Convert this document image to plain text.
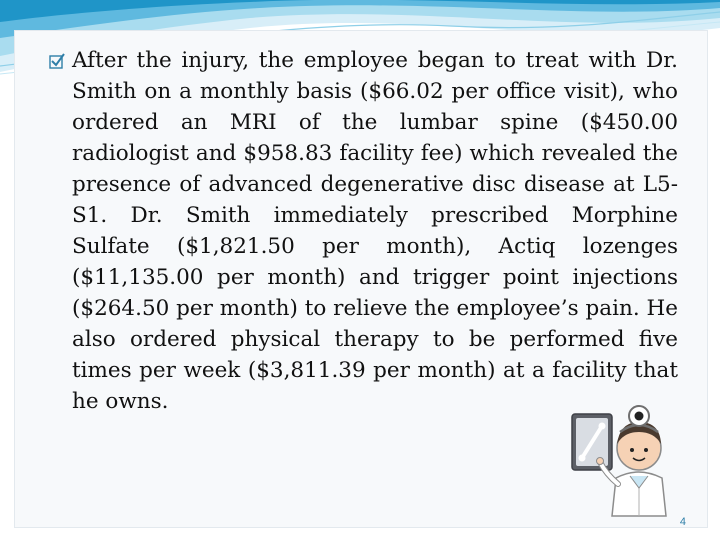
After the injury, the employee began to treat with Dr. Smith on a monthly basis ($66.02 per office visit), who ordered an MRI of the lumbar spine ($450.00 radiologist and $958.83 facility fee) which revealed the presence of advanced degenerative disc disease at L5-S1. Dr. Smith immediately prescribed Morphine Sulfate ($1,821.50 per month), Actiq lozenges ($11,135.00 per month) and trigger point injections ($264.50 per month) to relieve the employee’s pain. He also ordered physical therapy to be performed five times per week ($3,811.39 per month) at a facility that he owns.
4
